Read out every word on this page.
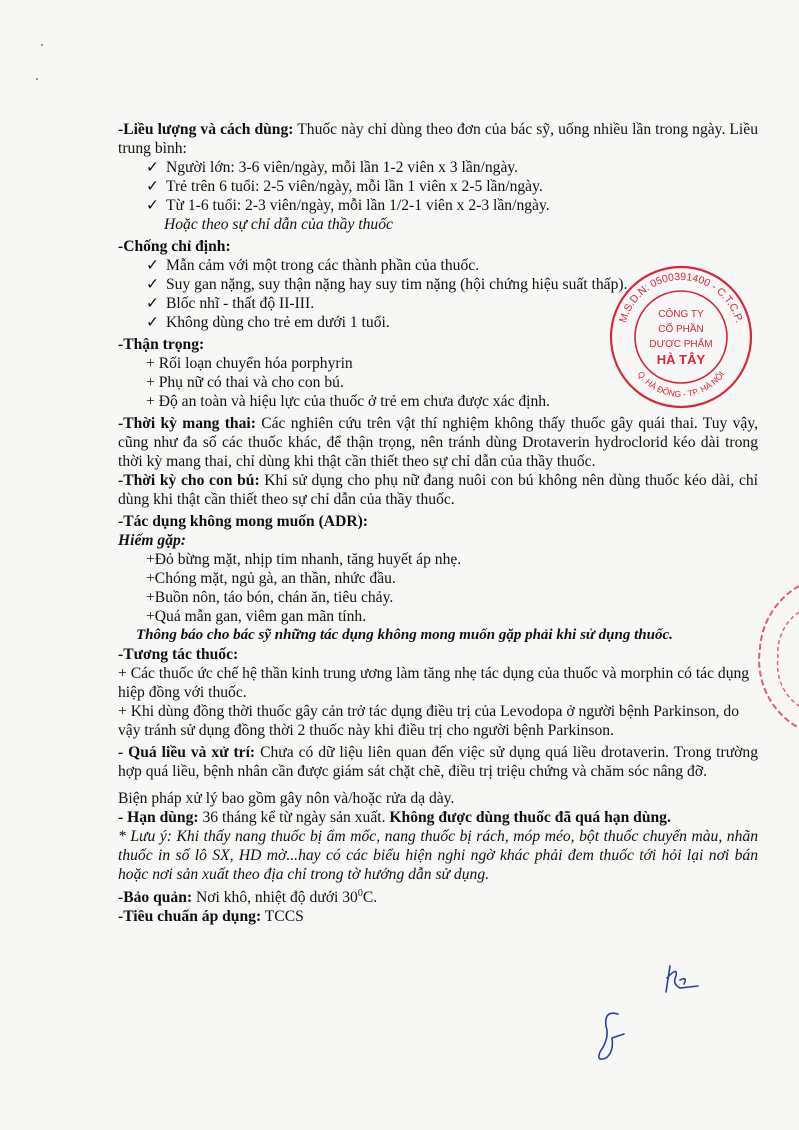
-Liều lượng và cách dùng: Thuốc này chỉ dùng theo đơn của bác sỹ, uống nhiều lần trong ngày. Liều trung bình:

✓ Người lớn: 3-6 viên/ngày, mỗi lần 1-2 viên x 3 lần/ngày.

✓ Trẻ trên 6 tuổi: 2-5 viên/ngày, mỗi lần 1 viên x 2-5 lần/ngày.

✓ Từ 1-6 tuổi: 2-3 viên/ngày, mỗi lần 1/2-1 viên x 2-3 lần/ngày.

Hoặc theo sự chỉ dẫn của thầy thuốc

-Chống chỉ định:

✓ Mẫn cảm với một trong các thành phần của thuốc.

✓ Suy gan nặng, suy thận nặng hay suy tim nặng (hội chứng hiệu suất thấp).

✓ Blốc nhĩ - thất độ II-III.

✓ Không dùng cho trẻ em dưới 1 tuổi.

-Thận trọng:

+ Rối loạn chuyển hóa porphyrin

+ Phụ nữ có thai và cho con bú.

+ Độ an toàn và hiệu lực của thuốc ở trẻ em chưa được xác định.

-Thời kỳ mang thai: Các nghiên cứu trên vật thí nghiệm không thấy thuốc gây quái thai. Tuy vậy, cũng như đa số các thuốc khác, để thận trọng, nên tránh dùng Drotaverin hydroclorid kéo dài trong thời kỳ mang thai, chỉ dùng khi thật cần thiết theo sự chỉ dẫn của thầy thuốc.

-Thời kỳ cho con bú: Khi sử dụng cho phụ nữ đang nuôi con bú không nên dùng thuốc kéo dài, chỉ dùng khi thật cần thiết theo sự chỉ dẫn của thầy thuốc.

-Tác dụng không mong muốn (ADR):

Hiếm gặp:

+Đỏ bừng mặt, nhịp tim nhanh, tăng huyết áp nhẹ.

+Chóng mặt, ngủ gà, an thần, nhức đầu.

+Buồn nôn, táo bón, chán ăn, tiêu chảy.

+Quá mẫn gan, viêm gan mãn tính.

Thông báo cho bác sỹ những tác dụng không mong muốn gặp phải khi sử dụng thuốc.

-Tương tác thuốc:

+ Các thuốc ức chế hệ thần kinh trung ương làm tăng nhẹ tác dụng của thuốc và morphin có tác dụng hiệp đồng với thuốc.

+ Khi dùng đồng thời thuốc gây cản trở tác dụng điều trị của Levodopa ở người bệnh Parkinson, do vậy tránh sử dụng đồng thời 2 thuốc này khi điều trị cho người bệnh Parkinson.

- Quá liều và xử trí: Chưa có dữ liệu liên quan đến việc sử dụng quá liều drotaverin. Trong trường hợp quá liều, bệnh nhân cần được giám sát chặt chẽ, điều trị triệu chứng và chăm sóc nâng đỡ.

Biện pháp xử lý bao gồm gây nôn và/hoặc rửa dạ dày.

- Hạn dùng: 36 tháng kể từ ngày sản xuất. Không được dùng thuốc đã quá hạn dùng.

* Lưu ý: Khi thấy nang thuốc bị ẩm mốc, nang thuốc bị rách, móp méo, bột thuốc chuyển màu, nhãn thuốc in số lô SX, HD mờ...hay có các biểu hiện nghi ngờ khác phải đem thuốc tới hỏi lại nơi bán hoặc nơi sản xuất theo địa chỉ trong tờ hướng dẫn sử dụng.

-Bảo quản: Nơi khô, nhiệt độ dưới $30^0C$.

-Tiêu chuẩn áp dụng: TCCS

M.S.D.N: 0500391400 - C.T.C.P.
Q. HÀ ĐÔNG - TP. HÀ NỘI
CÔNG TY
CỔ PHẦN
DƯỢC PHẨM
HÀ TÂY
